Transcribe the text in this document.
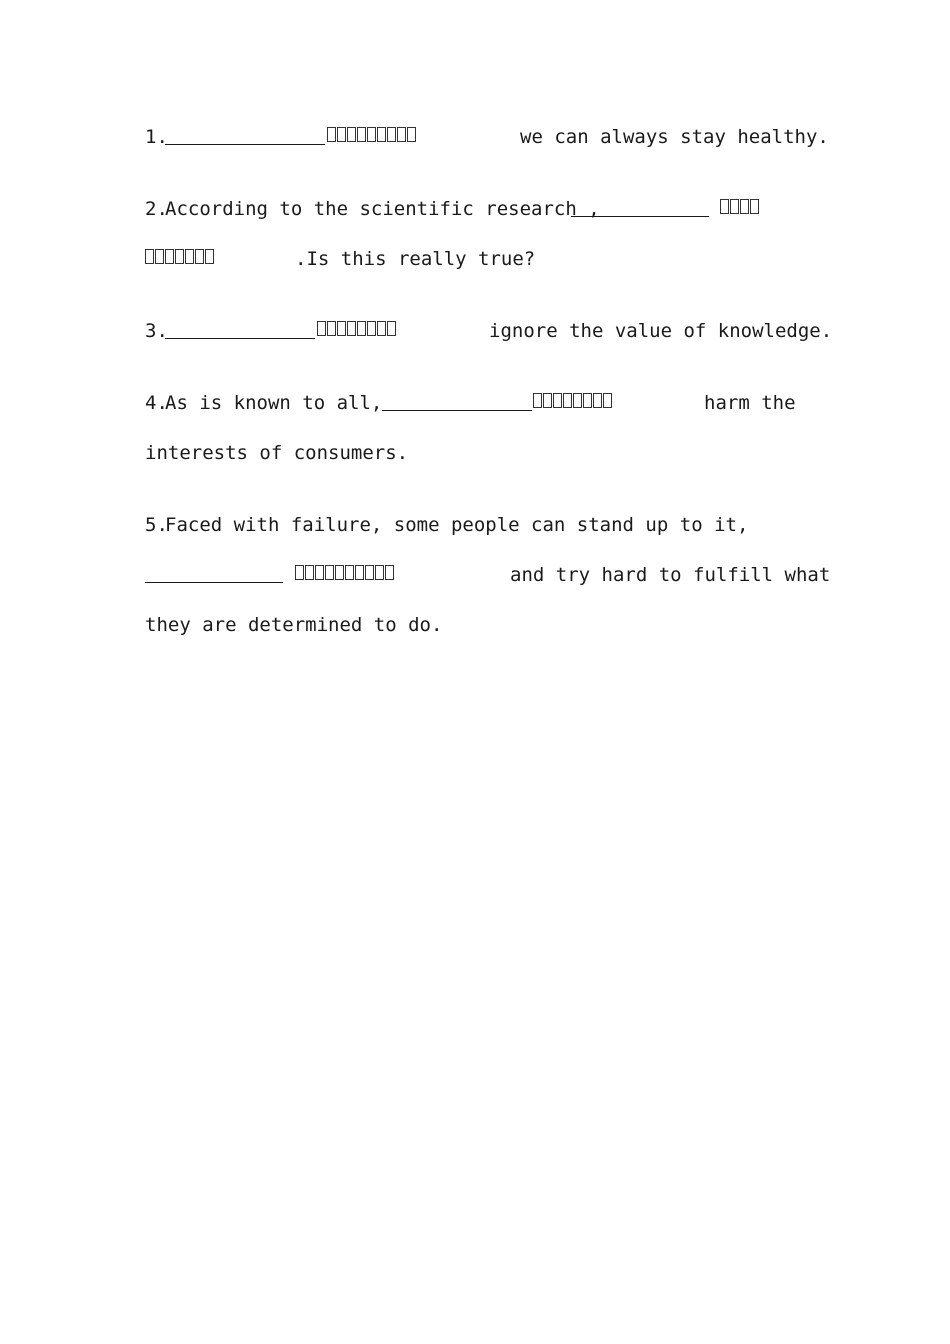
1.

	we can always stay healthy.

2.

According to the scientific research ,

.Is this really true?

3.

	ignore the value of knowledge.

4.

As is known to all,

	harm the

interests of consumers.

5.

Faced with failure, some people can stand up to it,

and try hard to fulfill what

they are determined to do.
